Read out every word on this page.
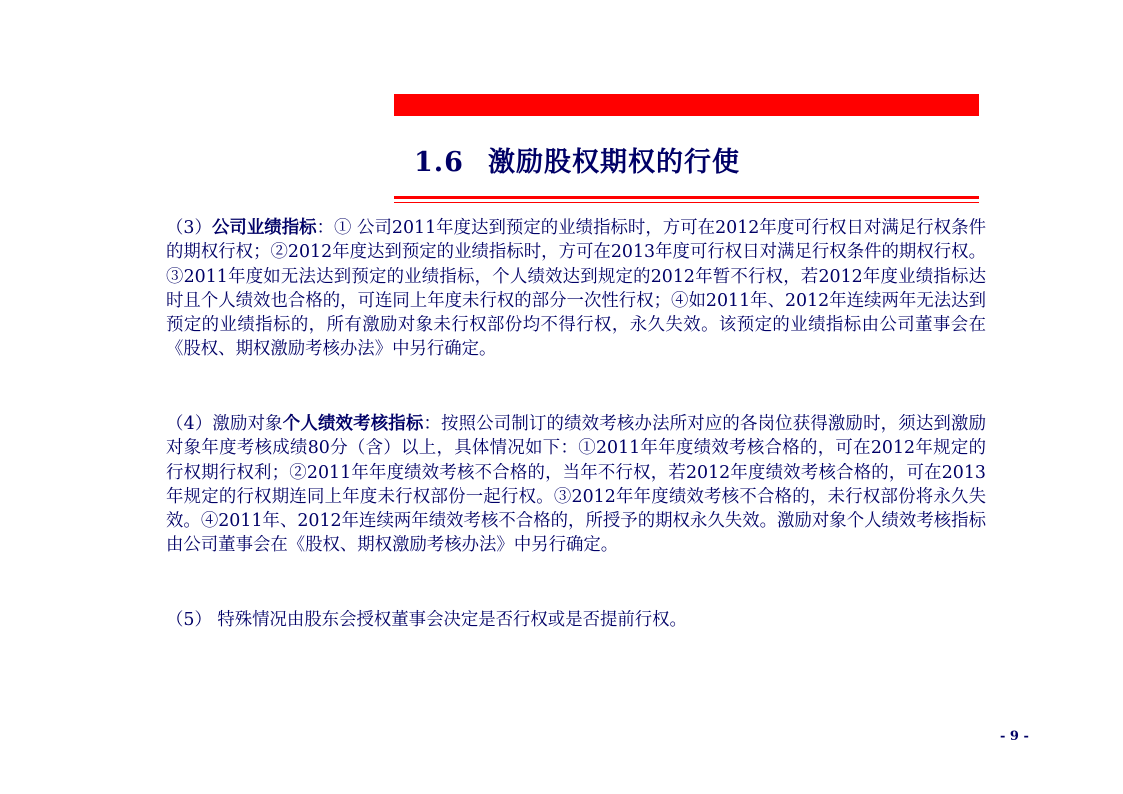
1.6 激励股权期权的行使

（3）公司业绩指标：① 公司2011年度达到预定的业绩指标时，方可在2012年度可行权日对满足行权条件的期权行权；②2012年度达到预定的业绩指标时，方可在2013年度可行权日对满足行权条件的期权行权。③2011年度如无法达到预定的业绩指标，个人绩效达到规定的2012年暂不行权，若2012年度业绩指标达时且个人绩效也合格的，可连同上年度未行权的部分一次性行权；④如2011年、2012年连续两年无法达到预定的业绩指标的，所有激励对象未行权部份均不得行权，永久失效。该预定的业绩指标由公司董事会在《股权、期权激励考核办法》中另行确定。

（4）激励对象个人绩效考核指标：按照公司制订的绩效考核办法所对应的各岗位获得激励时，须达到激励对象年度考核成绩80分（含）以上，具体情况如下：①2011年年度绩效考核合格的，可在2012年规定的行权期行权利；②2011年年度绩效考核不合格的，当年不行权，若2012年度绩效考核合格的，可在2013年规定的行权期连同上年度未行权部份一起行权。③2012年年度绩效考核不合格的，未行权部份将永久失效。④2011年、2012年连续两年绩效考核不合格的，所授予的期权永久失效。激励对象个人绩效考核指标由公司董事会在《股权、期权激励考核办法》中另行确定。

（5） 特殊情况由股东会授权董事会决定是否行权或是否提前行权。

- 9 -
